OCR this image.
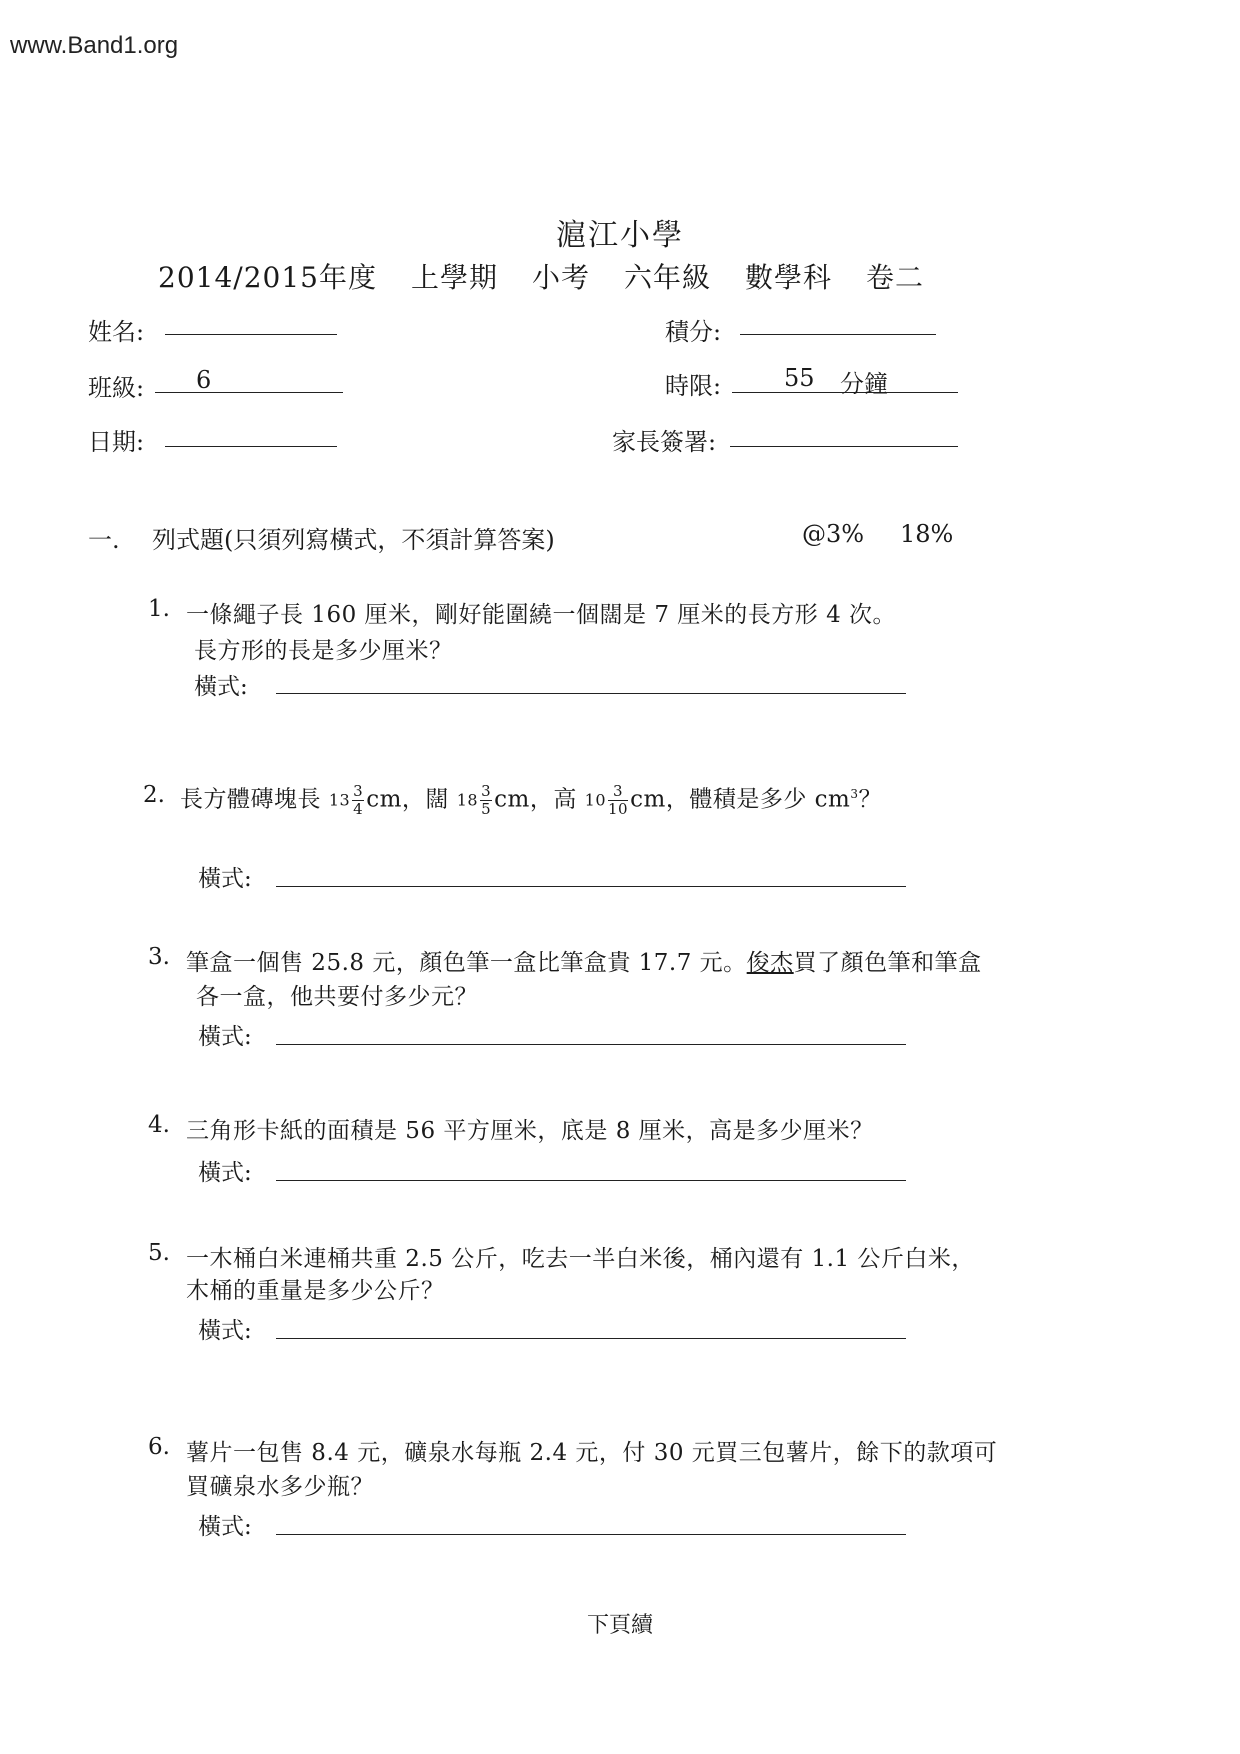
www.Band1.org
滬江小學
2014/2015年度 上學期 小考 六年級 數學科 卷二
姓名:	積分:
班級: 6	時限:	55 分鐘
日期:	家長簽署:
一. 列式題(只須列寫橫式，不須計算答案)	@3% 18%
1. 一條繩子長 160 厘米，剛好能圍繞一個闊是 7 厘米的長方形 4 次。
長方形的長是多少厘米？
橫式:
2. 長方體磚塊長 $13 \frac{3}{4}$ cm，闊 $18 \frac{3}{5}$ cm，高 $10 \frac{3}{10}$ cm，體積是多少 $cm^3$？
橫式:
3. 筆盒一個售 25.8 元，顏色筆一盒比筆盒貴 17.7 元。俊杰買了顏色筆和筆盒
各一盒，他共要付多少元？
橫式:
4. 三角形卡紙的面積是 56 平方厘米，底是 8 厘米，高是多少厘米？
橫式:
5. 一木桶白米連桶共重 2.5 公斤，吃去一半白米後，桶內還有 1.1 公斤白米，
木桶的重量是多少公斤？
橫式:
6. 薯片一包售 8.4 元，礦泉水每瓶 2.4 元，付 30 元買三包薯片，餘下的款項可
買礦泉水多少瓶？
橫式:
下頁續
